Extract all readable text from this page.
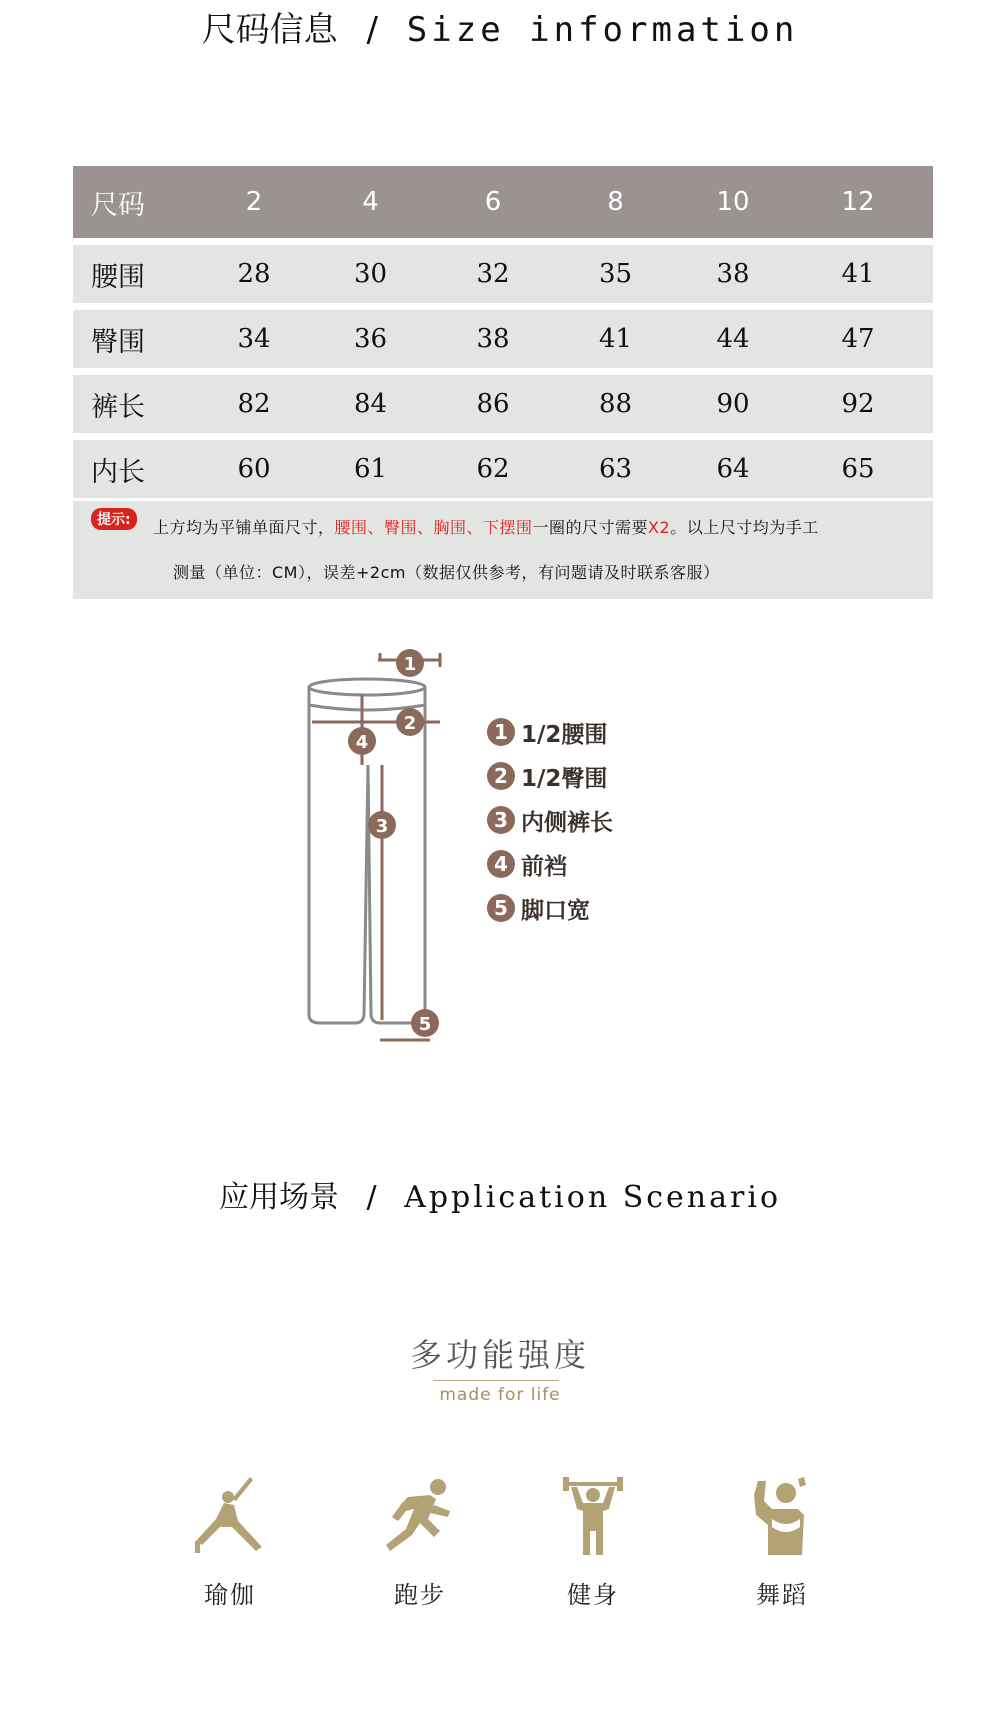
尺码信息 / Size information
尺码	2	4	6	8	10	12
腰围	28	30	32	35	38	41
臀围	34	36	38	41	44	47
裤长	82	84	86	88	90	92
内长	60	61	62	63	64	65
提示:	上方均为平铺单面尺寸，腰围、臀围、胸围、下摆围一圈的尺寸需要X2。以上尺寸均为手工
测量（单位：CM），误差+2cm（数据仅供参考，有问题请及时联系客服）
1
2
3
4
5
1 1/2腰围
2 1/2臀围
3 内侧裤长
4 前裆
5 脚口宽
应用场景 / Application Scenario
多功能强度
made for life
瑜伽	跑步	健身	舞蹈
